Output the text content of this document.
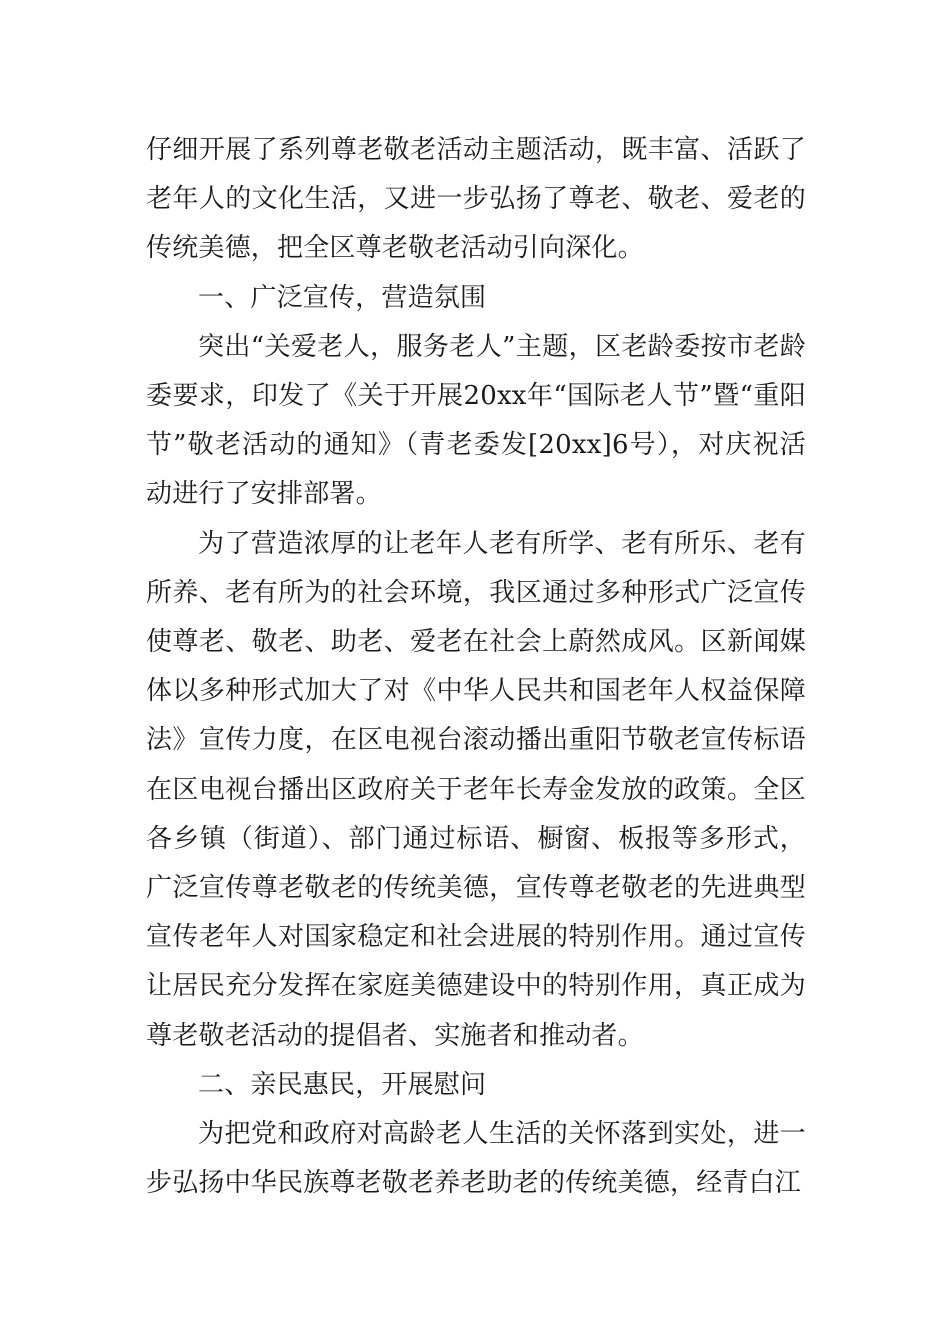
仔细开展了系列尊老敬老活动主题活动，既丰富、活跃了老年人的文化生活，又进一步弘扬了尊老、敬老、爱老的传统美德，把全区尊老敬老活动引向深化。

一、广泛宣传，营造氛围

突出“关爱老人，服务老人”主题，区老龄委按市老龄委要求，印发了《关于开展20xx年“国际老人节”暨“重阳节”敬老活动的通知》（青老委发[20xx]6号），对庆祝活动进行了安排部署。

为了营造浓厚的让老年人老有所学、老有所乐、老有所养、老有所为的社会环境，我区通过多种形式广泛宣传使尊老、敬老、助老、爱老在社会上蔚然成风。区新闻媒体以多种形式加大了对《中华人民共和国老年人权益保障法》宣传力度，在区电视台滚动播出重阳节敬老宣传标语在区电视台播出区政府关于老年长寿金发放的政策。全区各乡镇（街道）、部门通过标语、橱窗、板报等多形式，广泛宣传尊老敬老的传统美德，宣传尊老敬老的先进典型宣传老年人对国家稳定和社会进展的特别作用。通过宣传让居民充分发挥在家庭美德建设中的特别作用，真正成为尊老敬老活动的提倡者、实施者和推动者。

二、亲民惠民，开展慰问

为把党和政府对高龄老人生活的关怀落到实处，进一步弘扬中华民族尊老敬老养老助老的传统美德，经青白江
